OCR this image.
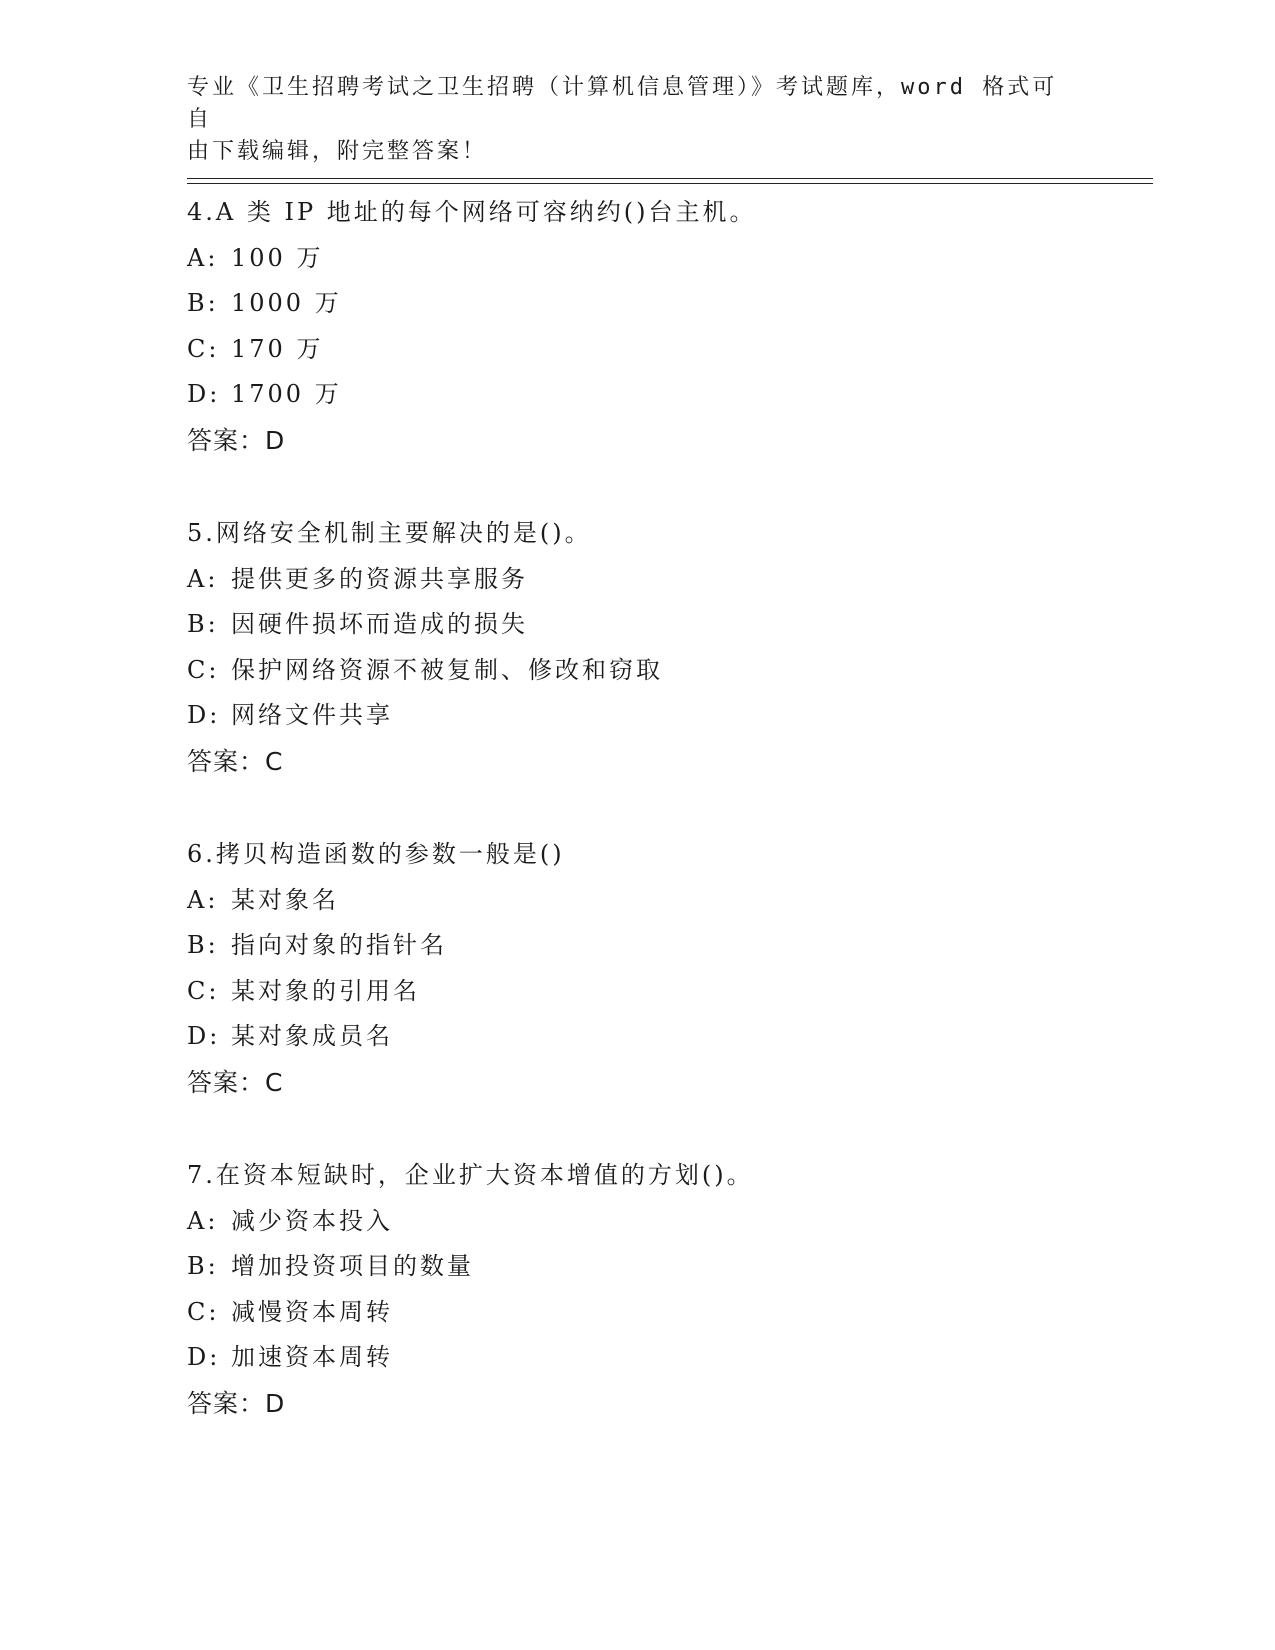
专业《卫生招聘考试之卫生招聘（计算机信息管理）》考试题库，word 格式可自
由下载编辑，附完整答案！
4.A 类 IP 地址的每个网络可容纳约()台主机。
A: 100 万
B: 1000 万
C: 170 万
D: 1700 万
答案：D
5.网络安全机制主要解决的是()。
A: 提供更多的资源共享服务
B: 因硬件损坏而造成的损失
C: 保护网络资源不被复制、修改和窃取
D: 网络文件共享
答案：C
6.拷贝构造函数的参数一般是()
A: 某对象名
B: 指向对象的指针名
C: 某对象的引用名
D: 某对象成员名
答案：C
7.在资本短缺时，企业扩大资本增值的方划()。
A: 减少资本投入
B: 增加投资项目的数量
C: 减慢资本周转
D: 加速资本周转
答案：D
